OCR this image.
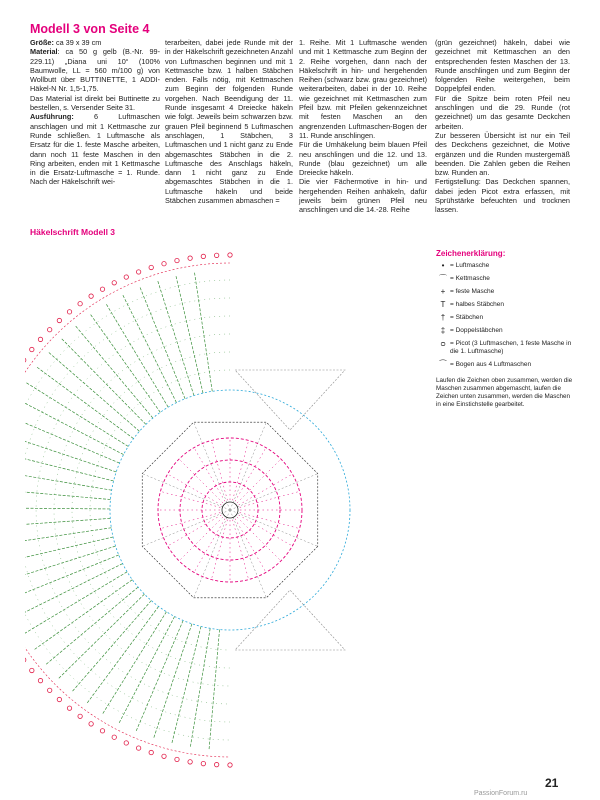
Modell 3 von Seite 4

Größe: ca 39 x 39 cm

Material: ca 50 g gelb (B.-Nr. 99-229.11) „Diana uni 10“ (100% Baumwolle, LL = 560 m/100 g) von Wollbutt über BUTTINETTE, 1 ADDI-Häkel-N Nr. 1,5-1,75.

Das Material ist direkt bei Buttinette zu bestellen, s. Versender Seite 31.

Ausführung: 6 Luftmaschen anschlagen und mit 1 Kettmasche zur Runde schließen. 1 Luftmasche als Ersatz für die 1. feste Masche arbeiten, dann noch 11 feste Maschen in den Ring arbeiten, enden mit 1 Kettmasche in die Ersatz-Luftmasche = 1. Runde. Nach der Häkelschrift wei-

terarbeiten, dabei jede Runde mit der in der Häkelschrift gezeichneten Anzahl von Luftmaschen beginnen und mit 1 Kettmasche bzw. 1 halben Stäbchen enden. Falls nötig, mit Kettmaschen zum Beginn der folgenden Runde vorgehen. Nach Beendigung der 11. Runde insgesamt 4 Dreiecke häkeln wie folgt. Jeweils beim schwarzen bzw. grauen Pfeil beginnend 5 Luftmaschen anschlagen, 1 Stäbchen, 3 Luftmaschen und 1 nicht ganz zu Ende abgemaschtes Stäbchen in die 2. Luftmasche des Anschlags häkeln, dann 1 nicht ganz zu Ende abgemaschtes Stäbchen in die 1. Luftmasche häkeln und beide Stäbchen zusammen abmaschen =

1. Reihe. Mit 1 Luftmasche wenden und mit 1 Kettmasche zum Beginn der 2. Reihe vorgehen, dann nach der Häkelschrift in hin- und hergehenden Reihen (schwarz bzw. grau gezeichnet) weiterarbeiten, dabei in der 10. Reihe wie gezeichnet mit Kettmaschen zum Pfeil bzw. mit Pfeilen gekennzeichnet mit festen Maschen an den angrenzenden Luftmaschen-Bogen der 11. Runde anschlingen.

Für die Umhäkelung beim blauen Pfeil neu anschlingen und die 12. und 13. Runde (blau gezeichnet) um alle Dreiecke häkeln.

Die vier Fächermotive in hin- und hergehenden Reihen anhäkeln, dafür jeweils beim grünen Pfeil neu anschlingen und die 14.-28. Reihe

(grün gezeichnet) häkeln, dabei wie gezeichnet mit Kettmaschen an den entsprechenden festen Maschen der 13. Runde anschlingen und zum Beginn der folgenden Reihe weitergehen, beim Doppelpfeil enden.

Für die Spitze beim roten Pfeil neu anschlingen und die 29. Runde (rot gezeichnet) um das gesamte Deckchen arbeiten.

Zur besseren Übersicht ist nur ein Teil des Deckchens gezeichnet, die Motive ergänzen und die Runden mustergemäß beenden. Die Zahlen geben die Reihen bzw. Runden an.

Fertigstellung: Das Deckchen spannen, dabei jeden Picot extra erfassen, mit Sprühstärke befeuchten und trocknen lassen.

Häkelschrift Modell 3
Zeichenerklärung:
• = Luftmasche
⌒ = Kettmasche
+ = feste Masche
T = halbes Stäbchen
† = Stäbchen
‡ = Doppelstäbchen
ᴑ = Picot (3 Luftmaschen, 1 feste Masche in die 1. Luftmasche)
⁀ = Bogen aus 4 Luftmaschen
Laufen die Zeichen oben zusammen, werden die Maschen zusammen abgemascht, laufen die Zeichen unten zusammen, werden die Maschen in eine Einstichstelle gearbeitet.
21
PassionForum.ru
